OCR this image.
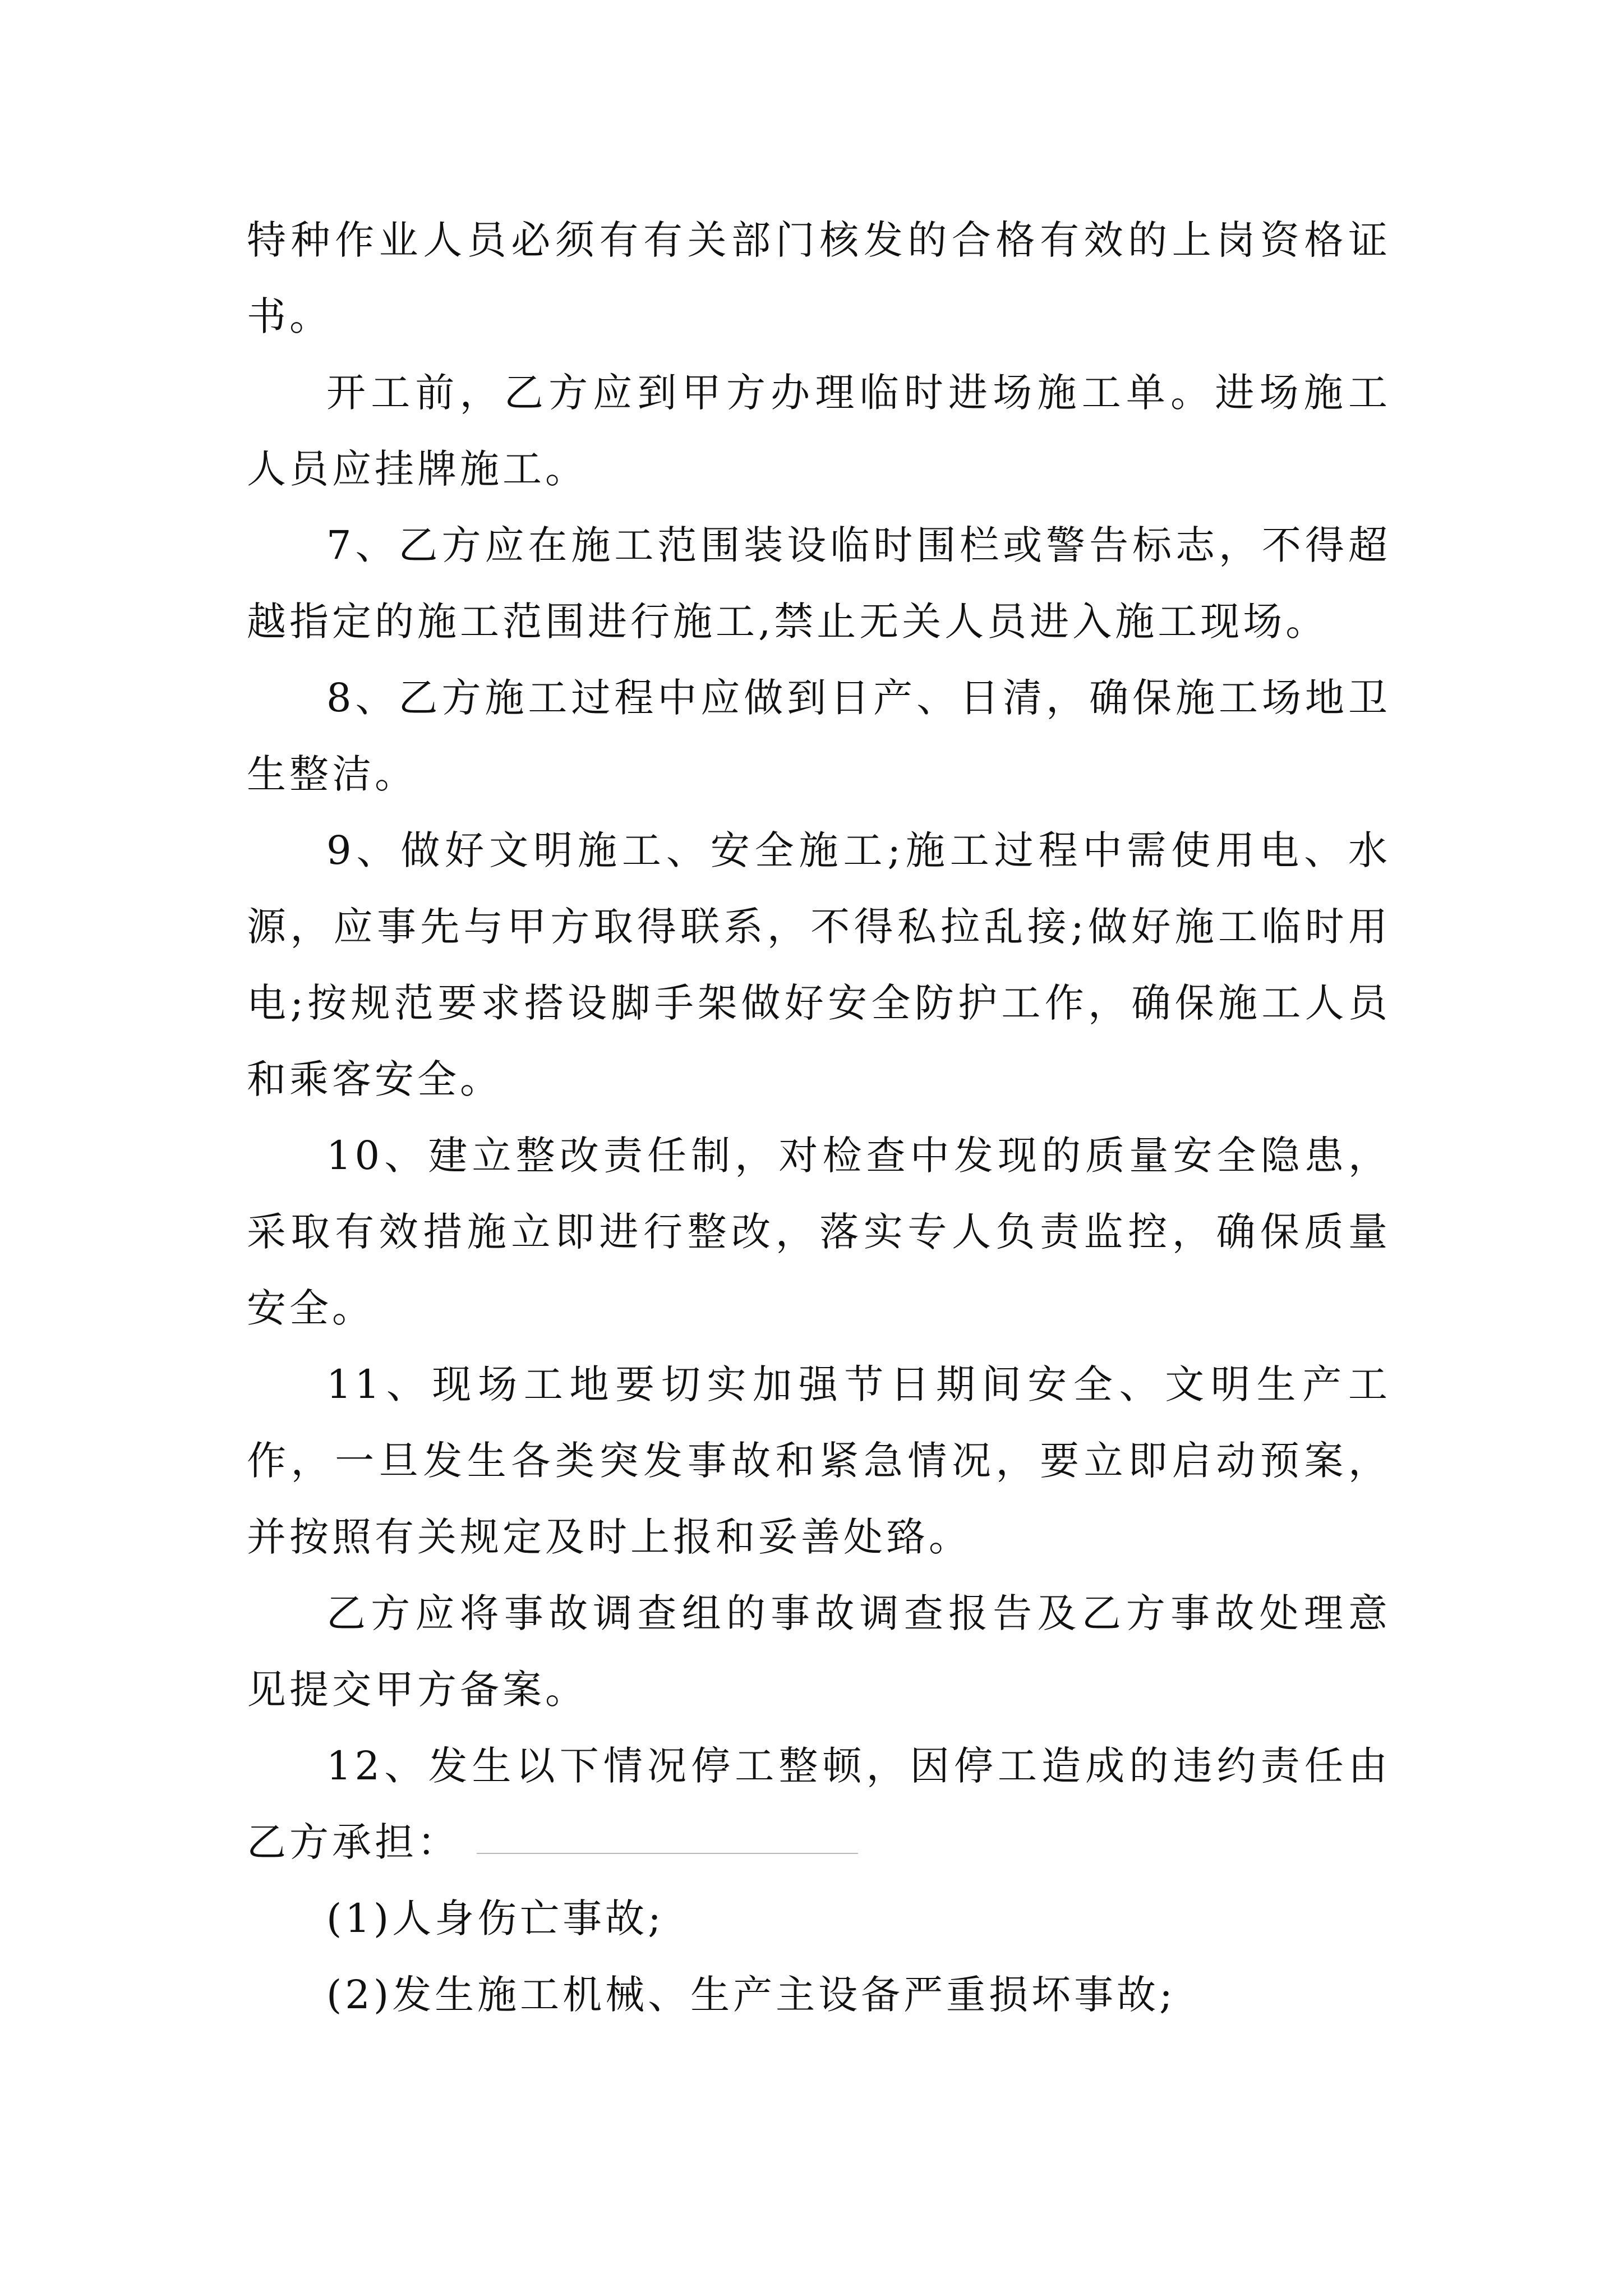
特种作业人员必须有有关部门核发的合格有效的上岗资格证书。

开工前，乙方应到甲方办理临时进场施工单。进场施工人员应挂牌施工。

7、乙方应在施工范围装设临时围栏或警告标志，不得超越指定的施工范围进行施工,禁止无关人员进入施工现场。

8、乙方施工过程中应做到日产、日清，确保施工场地卫生整洁。

9、做好文明施工、安全施工;施工过程中需使用电、水源，应事先与甲方取得联系，不得私拉乱接;做好施工临时用电;按规范要求搭设脚手架做好安全防护工作，确保施工人员和乘客安全。

10、建立整改责任制，对检查中发现的质量安全隐患，采取有效措施立即进行整改，落实专人负责监控，确保质量安全。

11、现场工地要切实加强节日期间安全、文明生产工作，一旦发生各类突发事故和紧急情况，要立即启动预案，并按照有关规定及时上报和妥善处臵。

乙方应将事故调查组的事故调查报告及乙方事故处理意见提交甲方备案。

12、发生以下情况停工整顿，因停工造成的违约责任由乙方承担：

(1)人身伤亡事故;

(2)发生施工机械、生产主设备严重损坏事故;
